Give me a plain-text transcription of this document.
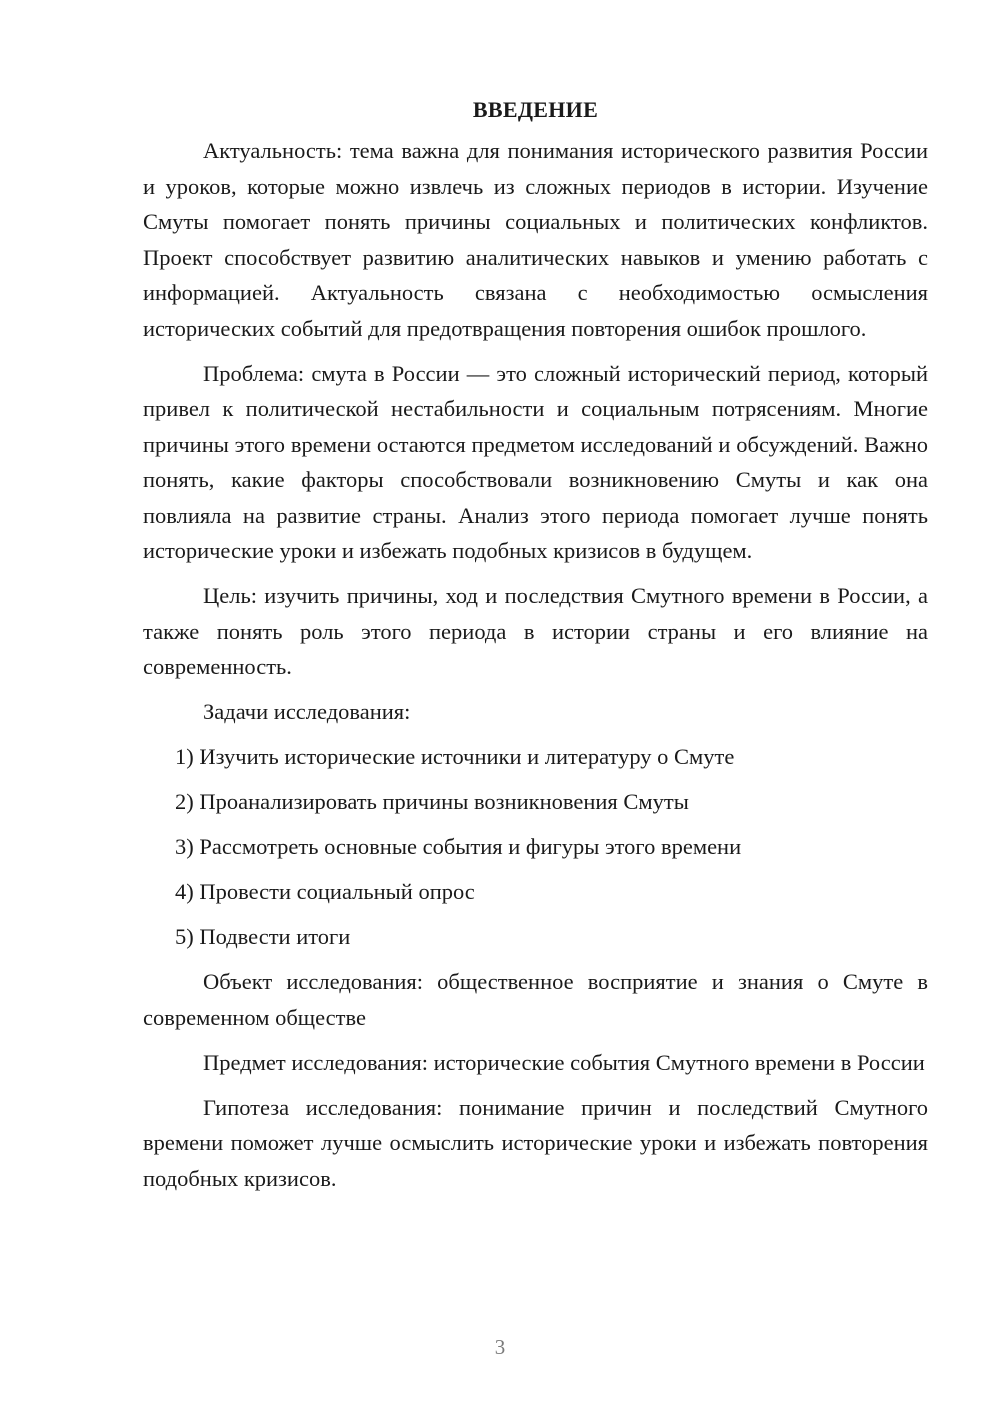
ВВЕДЕНИЕ

Актуальность: тема важна для понимания исторического развития России и уроков, которые можно извлечь из сложных периодов в истории. Изучение Смуты помогает понять причины социальных и политических конфликтов. Проект способствует развитию аналитических навыков и умению работать с информацией. Актуальность связана с необходимостью осмысления исторических событий для предотвращения повторения ошибок прошлого.

Проблема: смута в России — это сложный исторический период, который привел к политической нестабильности и социальным потрясениям. Многие причины этого времени остаются предметом исследований и обсуждений. Важно понять, какие факторы способствовали возникновению Смуты и как она повлияла на развитие страны. Анализ этого периода помогает лучше понять исторические уроки и избежать подобных кризисов в будущем.

Цель: изучить причины, ход и последствия Смутного времени в России, а также понять роль этого периода в истории страны и его влияние на современность.

Задачи исследования:

1) Изучить исторические источники и литературу о Смуте
2) Проанализировать причины возникновения Смуты
3) Рассмотреть основные события и фигуры этого времени
4) Провести социальный опрос
5) Подвести итоги

Объект исследования: общественное восприятие и знания о Смуте в современном обществе

Предмет исследования: исторические события Смутного времени в России

Гипотеза исследования: понимание причин и последствий Смутного времени поможет лучше осмыслить исторические уроки и избежать повторения подобных кризисов.

3
